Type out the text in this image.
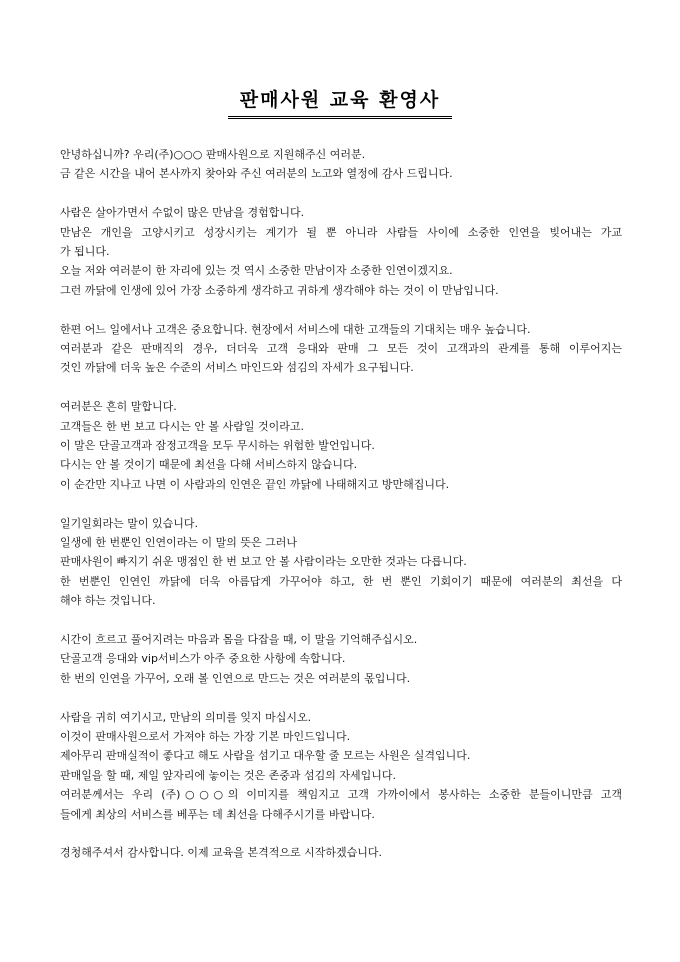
판매사원 교육 환영사
안녕하십니까? 우리(주)○○○ 판매사원으로 지원해주신 여러분.
금 같은 시간을 내어 본사까지 찾아와 주신 여러분의 노고와 열정에 감사 드립니다.
사람은 살아가면서 수없이 많은 만남을 경험합니다.
만남은 개인을 고양시키고 성장시키는 계기가 될 뿐 아니라 사람들 사이에 소중한 인연을 빚어내는 가교
가 됩니다.
오늘 저와 여러분이 한 자리에 있는 것 역시 소중한 만남이자 소중한 인연이겠지요.
그런 까닭에 인생에 있어 가장 소중하게 생각하고 귀하게 생각해야 하는 것이 이 만남입니다.
한편 어느 일에서나 고객은 중요합니다. 현장에서 서비스에 대한 고객들의 기대치는 매우 높습니다.
여러분과 같은 판매직의 경우, 더더욱 고객 응대와 판매 그 모든 것이 고객과의 관계를 통해 이루어지는
것인 까닭에 더욱 높은 수준의 서비스 마인드와 섬김의 자세가 요구됩니다.
여러분은 흔히 말합니다.
고객들은 한 번 보고 다시는 안 볼 사람일 것이라고.
이 말은 단골고객과 잠정고객을 모두 무시하는 위험한 발언입니다.
다시는 안 볼 것이기 때문에 최선을 다해 서비스하지 않습니다.
이 순간만 지나고 나면 이 사람과의 인연은 끝인 까닭에 나태해지고 방만해집니다.
일기일회라는 말이 있습니다.
일생에 한 번뿐인 인연이라는 이 말의 뜻은 그러나
판매사원이 빠지기 쉬운 맹점인 한 번 보고 안 볼 사람이라는 오만한 것과는 다릅니다.
한 번뿐인 인연인 까닭에 더욱 아름답게 가꾸어야 하고, 한 번 뿐인 기회이기 때문에 여러분의 최선을 다
해야 하는 것입니다.
시간이 흐르고 풀어지려는 마음과 몸을 다잡을 때, 이 말을 기억해주십시오.
단골고객 응대와 vip서비스가 아주 중요한 사항에 속합니다.
한 번의 인연을 가꾸어, 오래 볼 인연으로 만드는 것은 여러분의 몫입니다.
사람을 귀히 여기시고, 만남의 의미를 잊지 마십시오.
이것이 판매사원으로서 가져야 하는 가장 기본 마인드입니다.
제아무리 판매실적이 좋다고 해도 사람을 섬기고 대우할 줄 모르는 사원은 실격입니다.
판매일을 할 때, 제일 앞자리에 놓이는 것은 존중과 섬김의 자세입니다.
여러분께서는 우리 (주)○○○의 이미지를 책임지고 고객 가까이에서 봉사하는 소중한 분들이니만큼 고객
들에게 최상의 서비스를 베푸는 데 최선을 다해주시기를 바랍니다.
경청해주셔서 감사합니다. 이제 교육을 본격적으로 시작하겠습니다.
